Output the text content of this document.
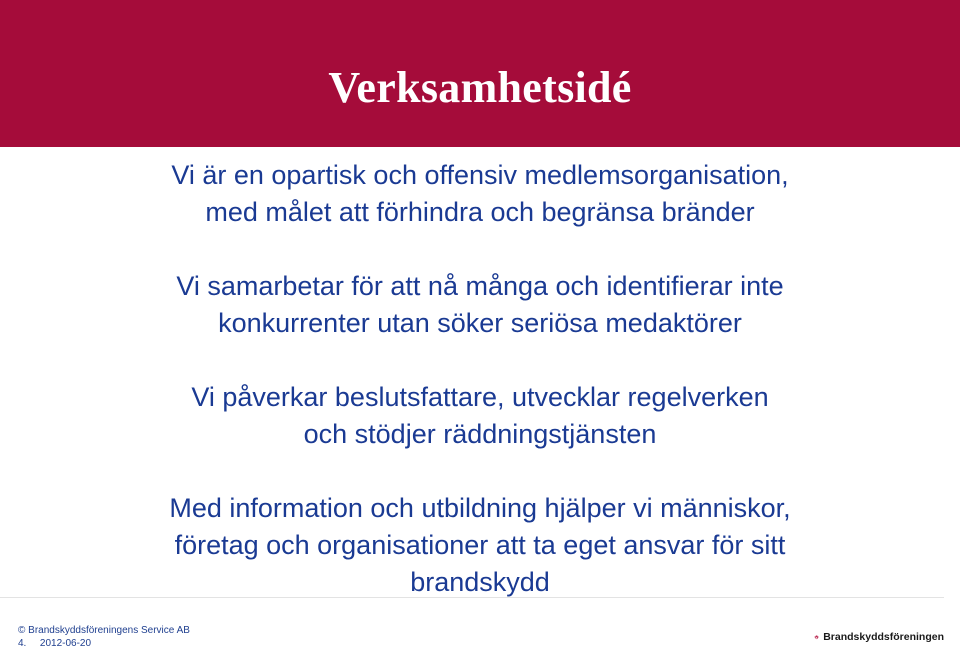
Verksamhetsidé
Vi är en opartisk och offensiv medlemsorganisation,
med målet att förhindra och begränsa bränder
Vi samarbetar för att nå många och identifierar inte
konkurrenter utan söker seriösa medaktörer
Vi påverkar beslutsfattare, utvecklar regelverken
och stödjer räddningstjänsten
Med information och utbildning hjälper vi människor,
företag och organisationer att ta eget ansvar för sitt
brandskydd
© Brandskyddsföreningens Service AB
4. 2012-06-20
Brandskyddsföreningen
